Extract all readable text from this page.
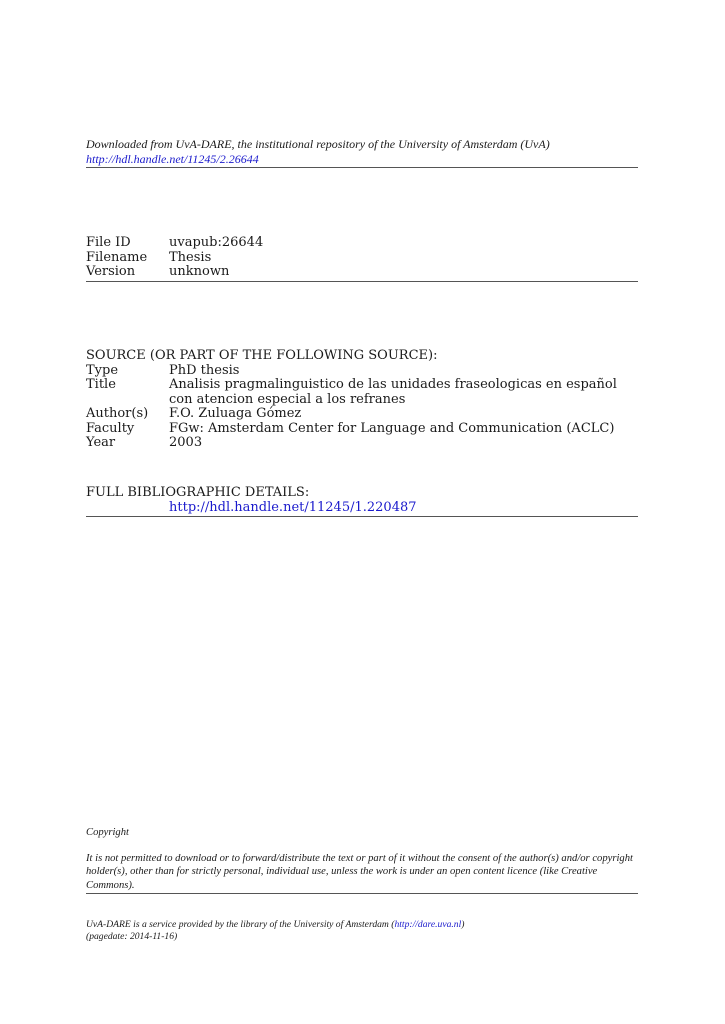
Downloaded from UvA-DARE, the institutional repository of the University of Amsterdam (UvA)
http://hdl.handle.net/11245/2.26644
File ID	uvapub:26644
Filename	Thesis
Version	unknown
SOURCE (OR PART OF THE FOLLOWING SOURCE):
Type	PhD thesis
Title	Analisis pragmalinguistico de las unidades fraseologicas en español con atencion especial a los refranes
Author(s)	F.O. Zuluaga Gómez
Faculty	FGw: Amsterdam Center for Language and Communication (ACLC)
Year	2003
FULL BIBLIOGRAPHIC DETAILS:
http://hdl.handle.net/11245/1.220487
Copyright
It is not permitted to download or to forward/distribute the text or part of it without the consent of the author(s) and/or copyright holder(s), other than for strictly personal, individual use, unless the work is under an open content licence (like Creative Commons).
UvA-DARE is a service provided by the library of the University of Amsterdam (http://dare.uva.nl)
(pagedate: 2014-11-16)
